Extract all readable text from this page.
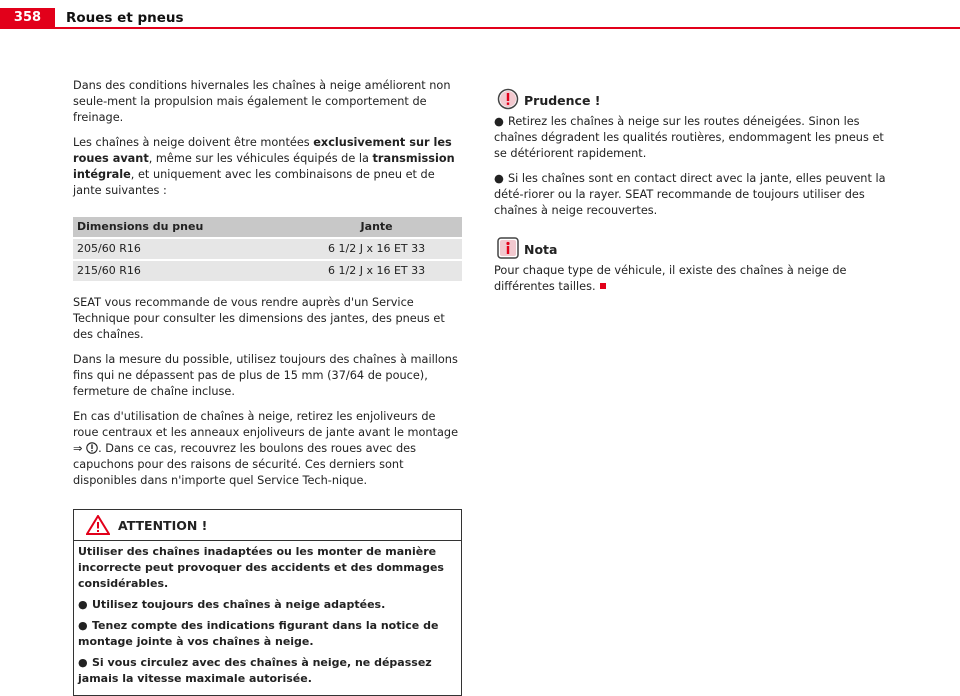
358	Roues et pneus

Dans des conditions hivernales les chaînes à neige améliorent non seule-ment la propulsion mais également le comportement de freinage.

Les chaînes à neige doivent être montées exclusivement sur les roues avant, même sur les véhicules équipés de la transmission intégrale, et uniquement avec les combinaisons de pneu et de jante suivantes :

Dimensions du pneu	Jante

205/60 R16	6 1/2 J x 16 ET 33

215/60 R16	6 1/2 J x 16 ET 33

SEAT vous recommande de vous rendre auprès d'un Service Technique pour consulter les dimensions des jantes, des pneus et des chaînes.

Dans la mesure du possible, utilisez toujours des chaînes à maillons fins qui ne dépassent pas de plus de 15 mm (37/64 de pouce), fermeture de chaîne incluse.

En cas d'utilisation de chaînes à neige, retirez les enjoliveurs de roue centraux et les anneaux enjoliveurs de jante avant le montage ⇒ . Dans ce cas, recouvrez les boulons des roues avec des capuchons pour des raisons de sécurité. Ces derniers sont disponibles dans n'importe quel Service Tech-nique.

ATTENTION !

Utiliser des chaînes inadaptées ou les monter de manière incorrecte peut provoquer des accidents et des dommages considérables.

● Utilisez toujours des chaînes à neige adaptées.

● Tenez compte des indications figurant dans la notice de montage jointe à vos chaînes à neige.

● Si vous circulez avec des chaînes à neige, ne dépassez jamais la vitesse maximale autorisée.

Prudence !

● Retirez les chaînes à neige sur les routes déneigées. Sinon les chaînes dégradent les qualités routières, endommagent les pneus et se détériorent rapidement.

● Si les chaînes sont en contact direct avec la jante, elles peuvent la dété-riorer ou la rayer. SEAT recommande de toujours utiliser des chaînes à neige recouvertes.

Nota

Pour chaque type de véhicule, il existe des chaînes à neige de différentes tailles.
